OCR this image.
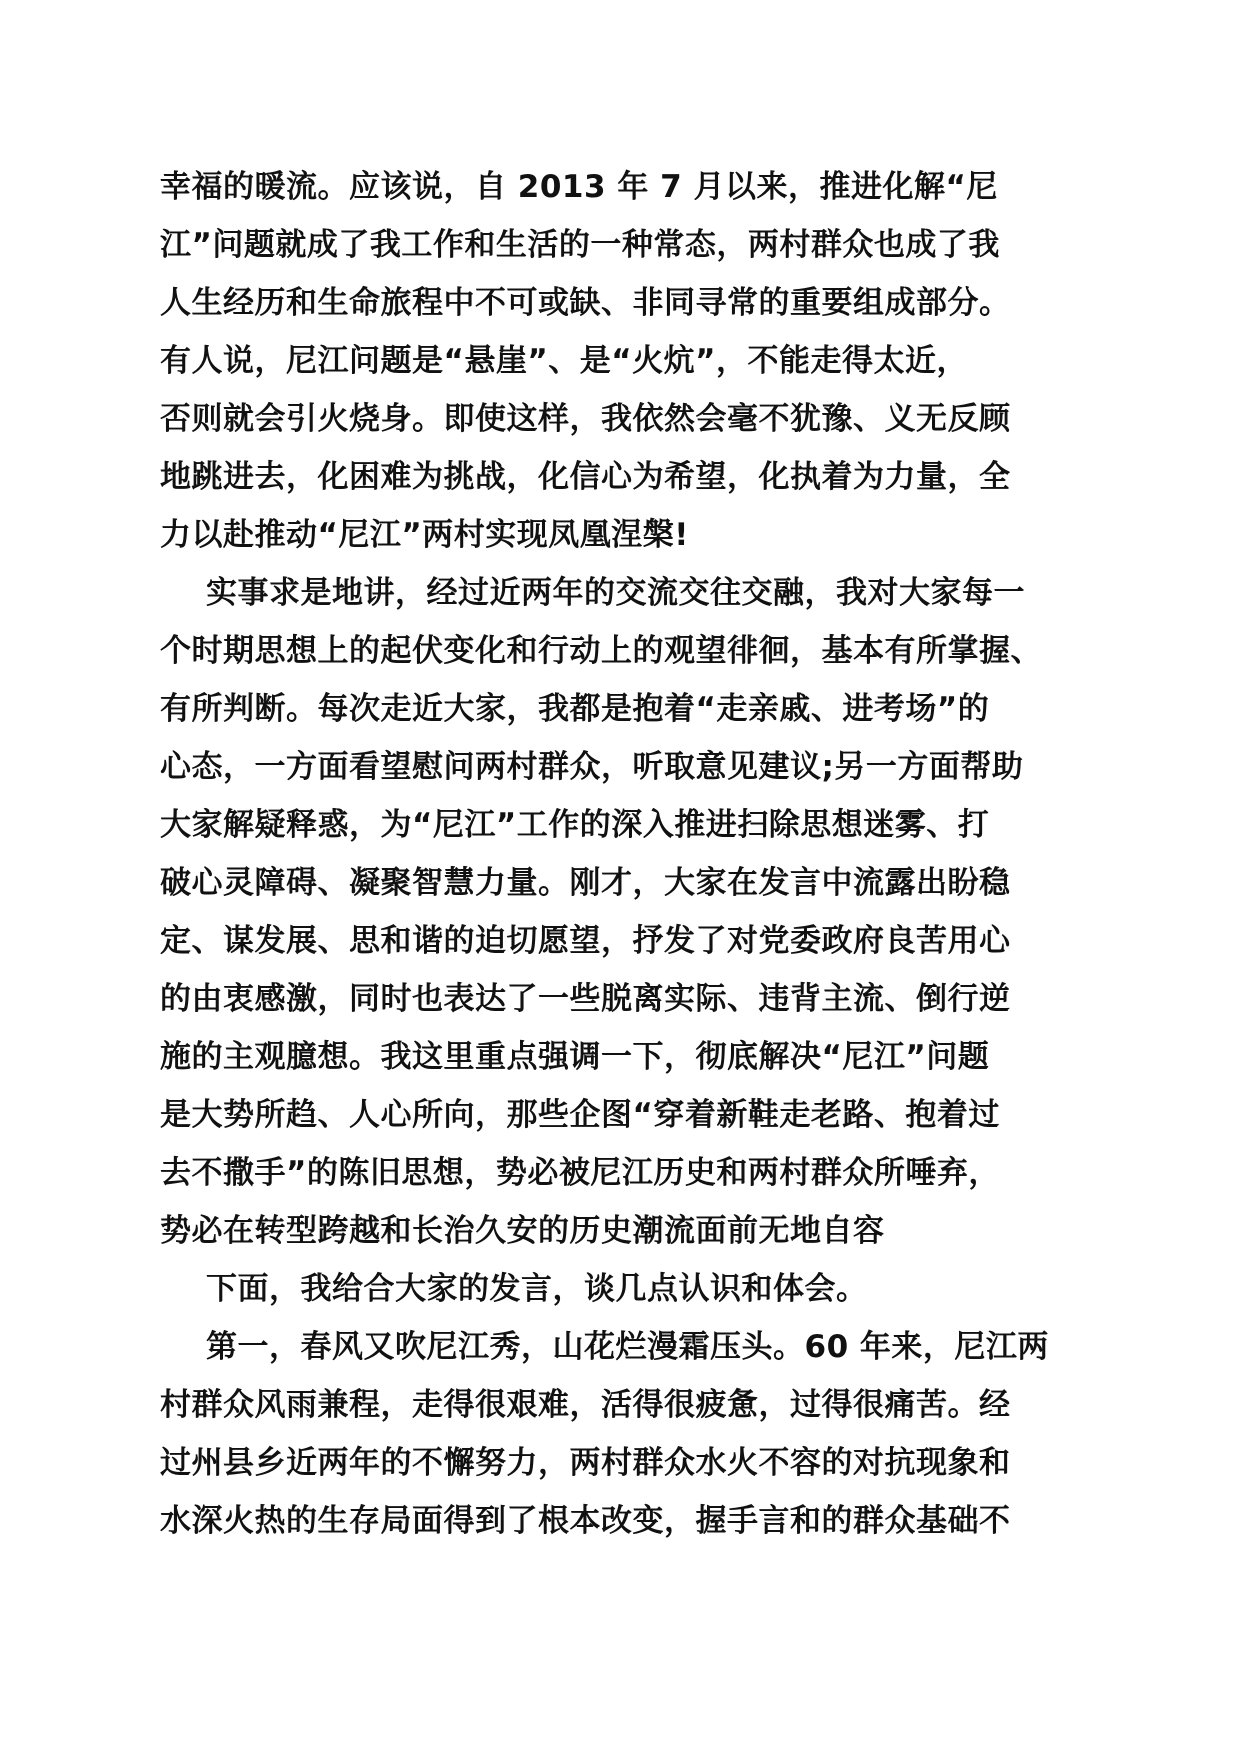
幸福的暖流。应该说，自 2013 年 7 月以来，推进化解“尼
江”问题就成了我工作和生活的一种常态，两村群众也成了我
人生经历和生命旅程中不可或缺、非同寻常的重要组成部分。
有人说，尼江问题是“悬崖”、是“火炕”，不能走得太近，
否则就会引火烧身。即使这样，我依然会毫不犹豫、义无反顾
地跳进去，化困难为挑战，化信心为希望，化执着为力量，全
力以赴推动“尼江”两村实现凤凰涅槃!
实事求是地讲，经过近两年的交流交往交融，我对大家每一
个时期思想上的起伏变化和行动上的观望徘徊，基本有所掌握、
有所判断。每次走近大家，我都是抱着“走亲戚、进考场”的
心态，一方面看望慰问两村群众，听取意见建议;另一方面帮助
大家解疑释惑，为“尼江”工作的深入推进扫除思想迷雾、打
破心灵障碍、凝聚智慧力量。刚才，大家在发言中流露出盼稳
定、谋发展、思和谐的迫切愿望，抒发了对党委政府良苦用心
的由衷感激，同时也表达了一些脱离实际、违背主流、倒行逆
施的主观臆想。我这里重点强调一下，彻底解决“尼江”问题
是大势所趋、人心所向，那些企图“穿着新鞋走老路、抱着过
去不撒手”的陈旧思想，势必被尼江历史和两村群众所唾弃，
势必在转型跨越和长治久安的历史潮流面前无地自容
下面，我给合大家的发言，谈几点认识和体会。
第一，春风又吹尼江秀，山花烂漫霜压头。60 年来，尼江两
村群众风雨兼程，走得很艰难，活得很疲惫，过得很痛苦。经
过州县乡近两年的不懈努力，两村群众水火不容的对抗现象和
水深火热的生存局面得到了根本改变，握手言和的群众基础不
